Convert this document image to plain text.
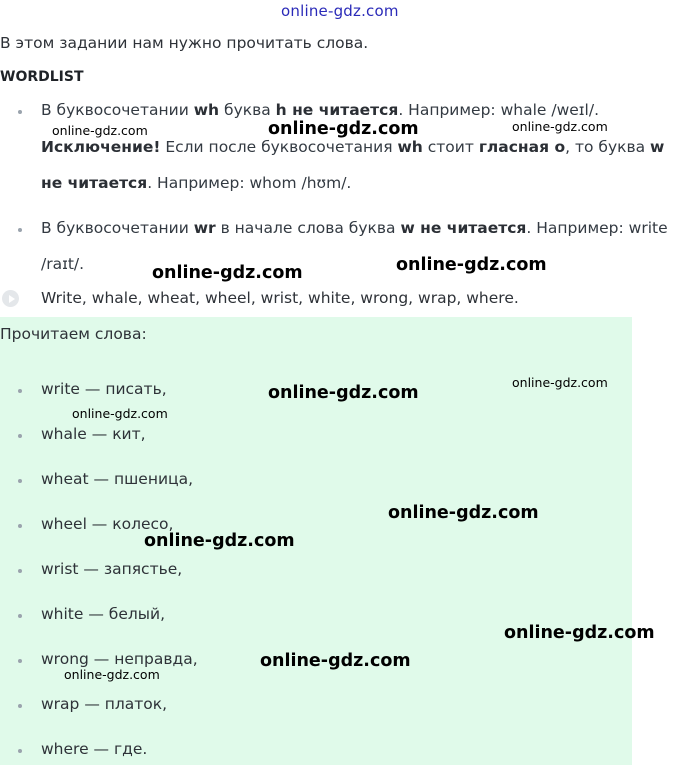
online-gdz.com
В этом задании нам нужно прочитать слова.
WORDLIST
В буквосочетании wh буква h не читается. Например: whale /weɪl/.
Исключение! Если после буквосочетания wh стоит гласная о, то буква w
не читается. Например: whom /hʊm/.
В буквосочетании wr в начале слова буква w не читается. Например: write
/raɪt/.
Write, whale, wheat, wheel, wrist, white, wrong, wrap, where.
Прочитаем слова:
write — писать,
whale — кит,
wheat — пшеница,
wheel — колесо,
wrist — запястье,
white — белый,
wrong — неправда,
wrap — платок,
where — где.
online-gdz.com	online-gdz.com	online-gdz.com
online-gdz.com	online-gdz.com
online-gdz.com
online-gdz.com
online-gdz.com
online-gdz.com
online-gdz.com
online-gdz.com
online-gdz.com
online-gdz.com
